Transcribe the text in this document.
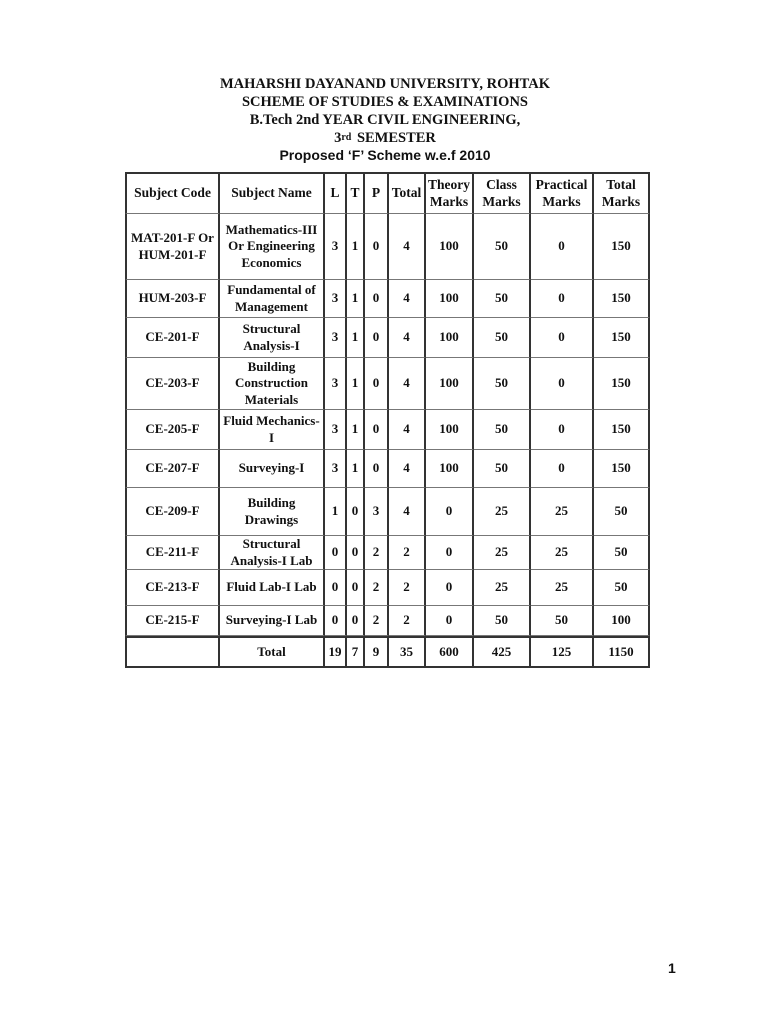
MAHARSHI DAYANAND UNIVERSITY, ROHTAK
SCHEME OF STUDIES & EXAMINATIONS
B.Tech 2nd YEAR CIVIL ENGINEERING,
3rd SEMESTER
Proposed ‘F’ Scheme w.e.f 2010
Subject Code	Subject Name	L	T	P	Total	Theory Marks	Class Marks	Practical Marks	Total Marks
MAT-201-F Or HUM-201-F	Mathematics-III Or Engineering Economics	3	1	0	4	100	50	0	150
HUM-203-F	Fundamental of Management	3	1	0	4	100	50	0	150
CE-201-F	Structural Analysis-I	3	1	0	4	100	50	0	150
CE-203-F	Building Construction Materials	3	1	0	4	100	50	0	150
CE-205-F	Fluid Mechanics-I	3	1	0	4	100	50	0	150
CE-207-F	Surveying-I	3	1	0	4	100	50	0	150
CE-209-F	Building Drawings	1	0	3	4	0	25	25	50
CE-211-F	Structural Analysis-I Lab	0	0	2	2	0	25	25	50
CE-213-F	Fluid Lab-I Lab	0	0	2	2	0	25	25	50
CE-215-F	Surveying-I Lab	0	0	2	2	0	50	50	100
	Total	19	7	9	35	600	425	125	1150
1
